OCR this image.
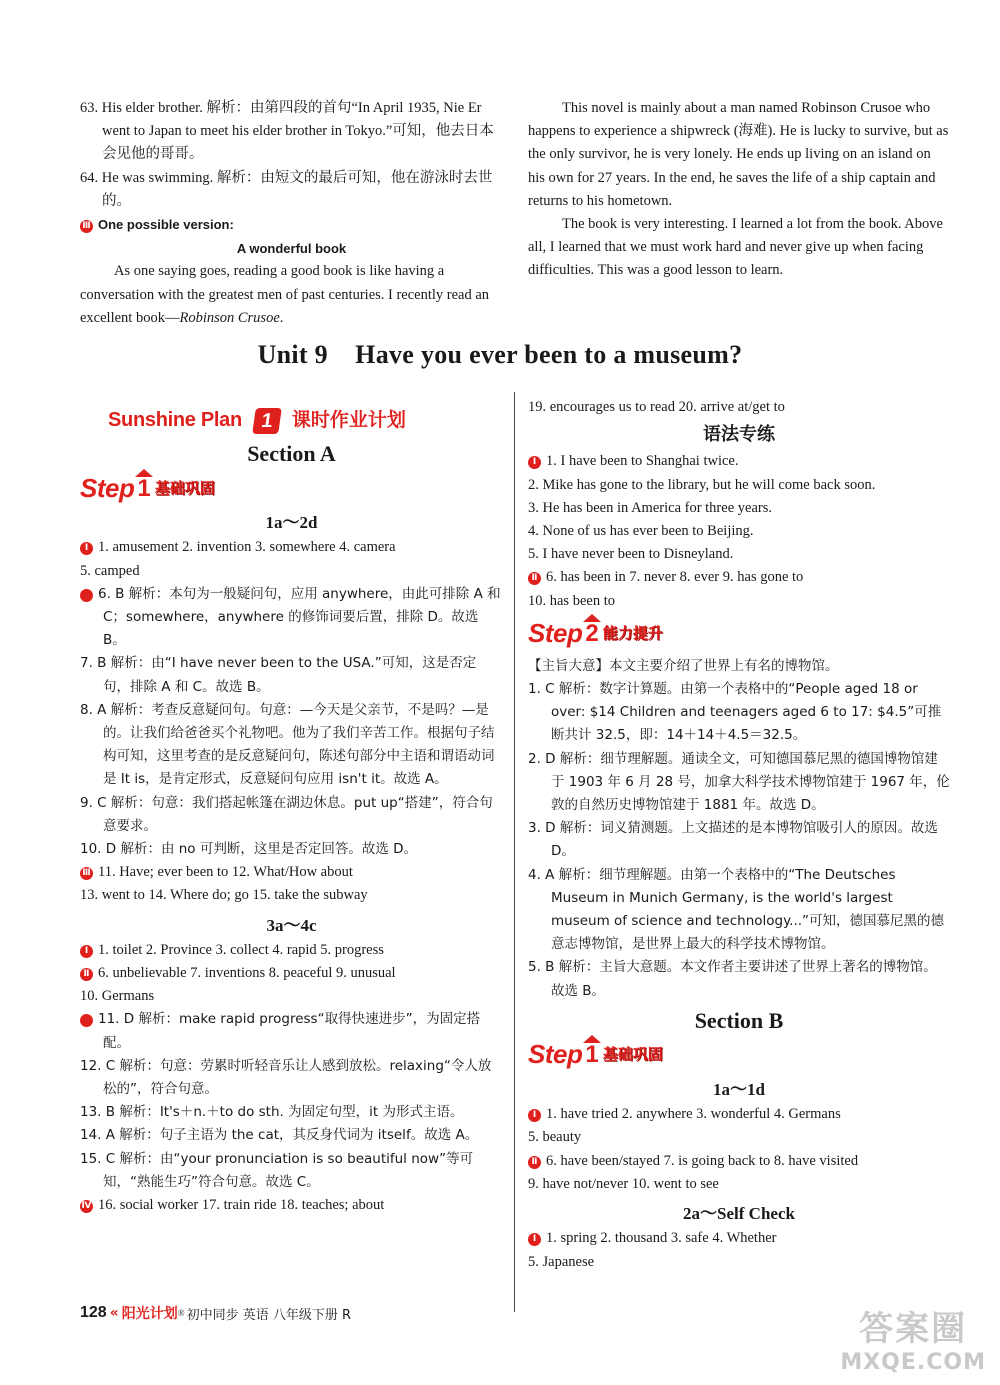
63. His elder brother. 解析：由第四段的首句“In April 1935, Nie Er went to Japan to meet his elder brother in Tokyo.”可知，他去日本会见他的哥哥。

64. He was swimming. 解析：由短文的最后可知，他在游泳时去世的。

Ⅲ One possible version:

A wonderful book

As one saying goes, reading a good book is like having a conversation with the greatest men of past centuries. I recently read an excellent book—Robinson Crusoe.

This novel is mainly about a man named Robinson Crusoe who happens to experience a shipwreck (海难). He is lucky to survive, but as the only survivor, he is very lonely. He ends up living on an island on his own for 27 years. In the end, he saves the life of a ship captain and returns to his hometown.

The book is very interesting. I learned a lot from the book. Above all, I learned that we must work hard and never give up when facing difficulties. This was a good lesson to learn.

Unit 9    Have you ever been to a museum?
Sunshine Plan 1 课时作业计划
Section A
Step 1 基础巩固
1a～2d

Ⅰ 1. amusement 2. invention 3. somewhere 4. camera

5. camped

Ⅱ 6. B 解析：本句为一般疑问句，应用 anywhere，由此可排除 A 和 C；somewhere，anywhere 的修饰词要后置，排除 D。故选 B。

7. B 解析：由“I have never been to the USA.”可知，这是否定句，排除 A 和 C。故选 B。

8. A 解析：考查反意疑问句。句意：—今天是父亲节，不是吗？—是的。让我们给爸爸买个礼物吧。他为了我们辛苦工作。根据句子结构可知，这里考查的是反意疑问句，陈述句部分中主语和谓语动词是 It is，是肯定形式，反意疑问句应用 isn't it。故选 A。

9. C 解析：句意：我们搭起帐篷在湖边休息。put up“搭建”，符合句意要求。

10. D 解析：由 no 可判断，这里是否定回答。故选 D。

Ⅲ 11. Have; ever been to 12. What/How about

13. went to 14. Where do; go 15. take the subway

3a～4c

Ⅰ 1. toilet 2. Province 3. collect 4. rapid 5. progress

Ⅱ 6. unbelievable 7. inventions 8. peaceful 9. unusual

10. Germans

Ⅲ 11. D 解析：make rapid progress“取得快速进步”，为固定搭配。

12. C 解析：句意：劳累时听轻音乐让人感到放松。relaxing“令人放松的”，符合句意。

13. B 解析：It's＋n.＋to do sth. 为固定句型，it 为形式主语。

14. A 解析：句子主语为 the cat，其反身代词为 itself。故选 A。

15. C 解析：由“your pronunciation is so beautiful now”等可知，“熟能生巧”符合句意。故选 C。

Ⅳ 16. social worker 17. train ride 18. teaches; about

19. encourages us to read 20. arrive at/get to

语法专练

Ⅰ 1. I have been to Shanghai twice.

2. Mike has gone to the library, but he will come back soon.

3. He has been in America for three years.

4. None of us has ever been to Beijing.

5. I have never been to Disneyland.

Ⅱ 6. has been in 7. never 8. ever 9. has gone to

10. has been to

Step 2 能力提升

【主旨大意】本文主要介绍了世界上有名的博物馆。

1. C 解析：数字计算题。由第一个表格中的“People aged 18 or over: $14 Children and teenagers aged 6 to 17: $4.5”可推断共计 32.5，即：14＋14＋4.5＝32.5。

2. D 解析：细节理解题。通读全文，可知德国慕尼黑的德国博物馆建于 1903 年 6 月 28 号，加拿大科学技术博物馆建于 1967 年，伦敦的自然历史博物馆建于 1881 年。故选 D。

3. D 解析：词义猜测题。上文描述的是本博物馆吸引人的原因。故选 D。

4. A 解析：细节理解题。由第一个表格中的“The Deutsches Museum in Munich Germany, is the world's largest museum of science and technology...”可知，德国慕尼黑的德意志博物馆，是世界上最大的科学技术博物馆。

5. B 解析：主旨大意题。本文作者主要讲述了世界上著名的博物馆。故选 B。

Section B
Step 1 基础巩固
1a～1d

Ⅰ 1. have tried 2. anywhere 3. wonderful 4. Germans

5. beauty

Ⅱ 6. have been/stayed 7. is going back to 8. have visited

9. have not/never 10. went to see

2a～Self Check

Ⅰ 1. spring 2. thousand 3. safe 4. Whether

5. Japanese

128 « 阳光计划 ® 初中同步 英语 八年级下册 R	答案圈
MXQE.COM
